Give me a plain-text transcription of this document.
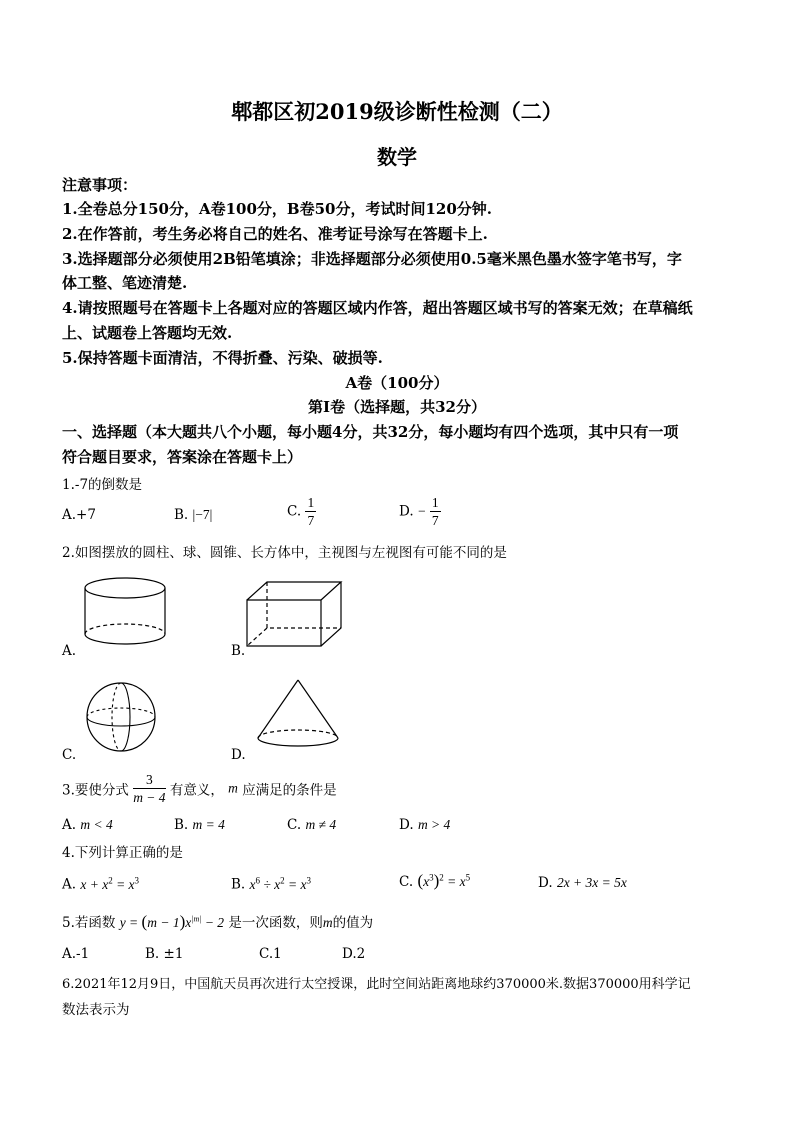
郫都区初2019级诊断性检测（二）
数学
注意事项：
1.全卷总分150分，A卷100分，B卷50分，考试时间120分钟.
2.在作答前，考生务必将自己的姓名、准考证号涂写在答题卡上.
3.选择题部分必须使用2B铅笔填涂；非选择题部分必须使用0.5毫米黑色墨水签字笔书写，字
体工整、笔迹清楚.
4.请按照题号在答题卡上各题对应的答题区域内作答，超出答题区域书写的答案无效；在草稿纸
上、试题卷上答题均无效.
5.保持答题卡面清洁，不得折叠、污染、破损等.
A卷（100分）
第Ⅰ卷（选择题，共32分）
一、选择题（本大题共八个小题，每小题4分，共32分，每小题均有四个选项，其中只有一项
符合题目要求，答案涂在答题卡上）
1.-7的倒数是
A.+7	B. |−7|	C. $\frac{1}{7}$	D. − $\frac{1}{7}$
2.如图摆放的圆柱、球、圆锥、长方体中，主视图与左视图有可能不同的是
A.	B.
C.	D.
3.要使分式 $\frac{3}{m - 4}$ 有意义， m 应满足的条件是
A. m < 4	B. m = 4	C. m ≠ 4	D. m > 4
4.下列计算正确的是
A. $x + x^2 = x^3$	B. $x^6 \div x^2 = x^3$	C. $(x^3)^2 = x^5$	D. 2x + 3x = 5x
5.若函数 $y = (m - 1)x^{|m|} - 2$ 是一次函数，则m的值为
A.-1	B. ±1	C.1	D.2
6.2021年12月9日，中国航天员再次进行太空授课，此时空间站距离地球约370000米.数据370000用科学记
数法表示为
